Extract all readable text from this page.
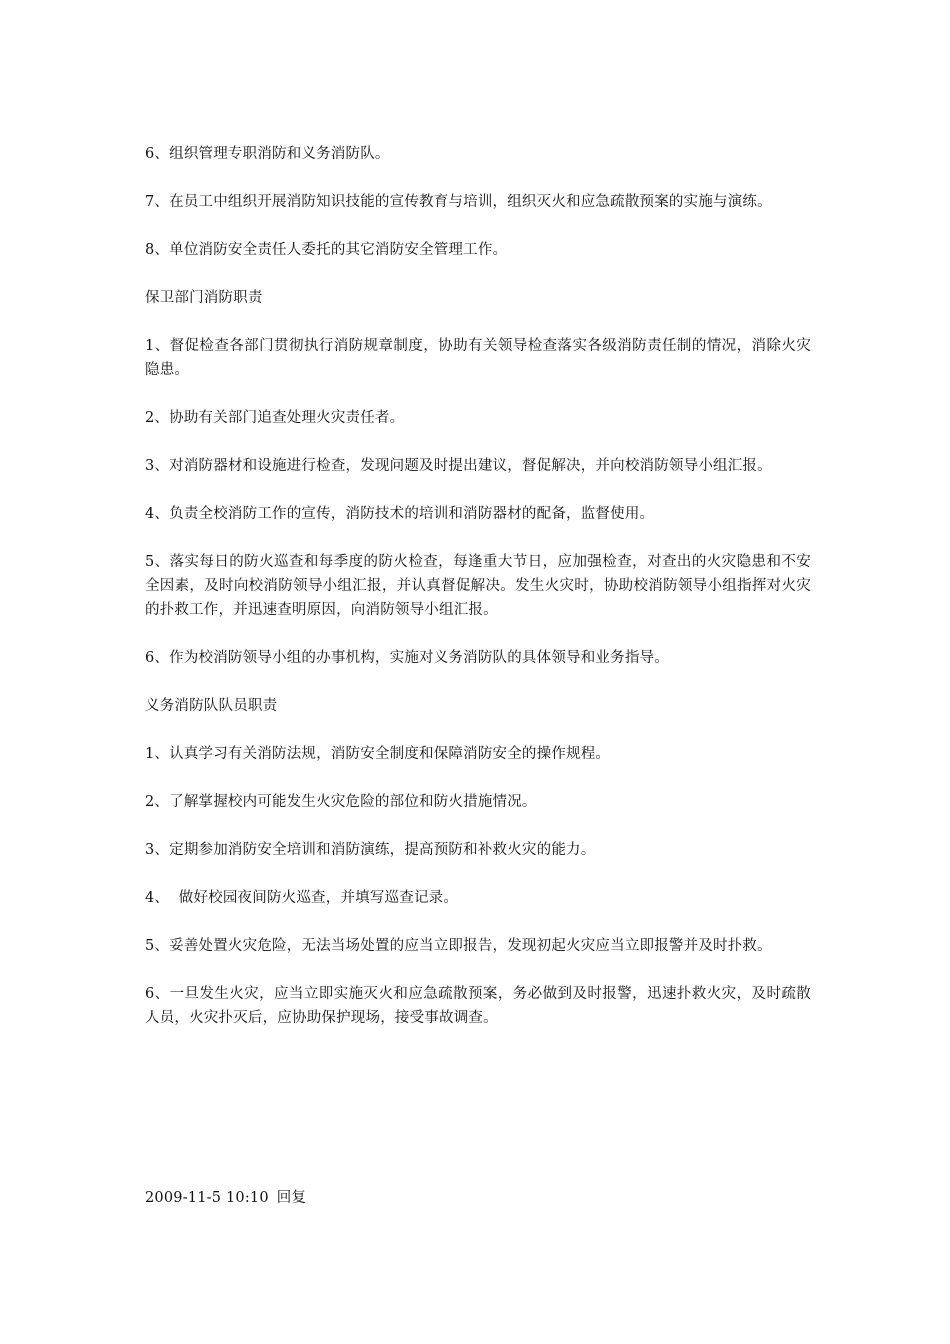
6、组织管理专职消防和义务消防队。

7、在员工中组织开展消防知识技能的宣传教育与培训，组织灭火和应急疏散预案的实施与演练。

8、单位消防安全责任人委托的其它消防安全管理工作。

保卫部门消防职责

1、督促检查各部门贯彻执行消防规章制度，协助有关领导检查落实各级消防责任制的情况，消除火灾隐患。

2、协助有关部门追查处理火灾责任者。

3、对消防器材和设施进行检查，发现问题及时提出建议，督促解决，并向校消防领导小组汇报。

4、负责全校消防工作的宣传，消防技术的培训和消防器材的配备，监督使用。

5、落实每日的防火巡查和每季度的防火检查，每逢重大节日，应加强检查，对查出的火灾隐患和不安全因素，及时向校消防领导小组汇报，并认真督促解决。发生火灾时，协助校消防领导小组指挥对火灾的扑救工作，并迅速查明原因，向消防领导小组汇报。

6、作为校消防领导小组的办事机构，实施对义务消防队的具体领导和业务指导。

义务消防队队员职责

1、认真学习有关消防法规，消防安全制度和保障消防安全的操作规程。

2、了解掌握校内可能发生火灾危险的部位和防火措施情况。

3、定期参加消防安全培训和消防演练，提高预防和补救火灾的能力。

4、  做好校园夜间防火巡查，并填写巡查记录。

5、妥善处置火灾危险，无法当场处置的应当立即报告，发现初起火灾应当立即报警并及时扑救。

6、一旦发生火灾，应当立即实施灭火和应急疏散预案，务必做到及时报警，迅速扑救火灾，及时疏散人员，火灾扑灭后，应协助保护现场，接受事故调查。

2009-11-5 10:10 回复
